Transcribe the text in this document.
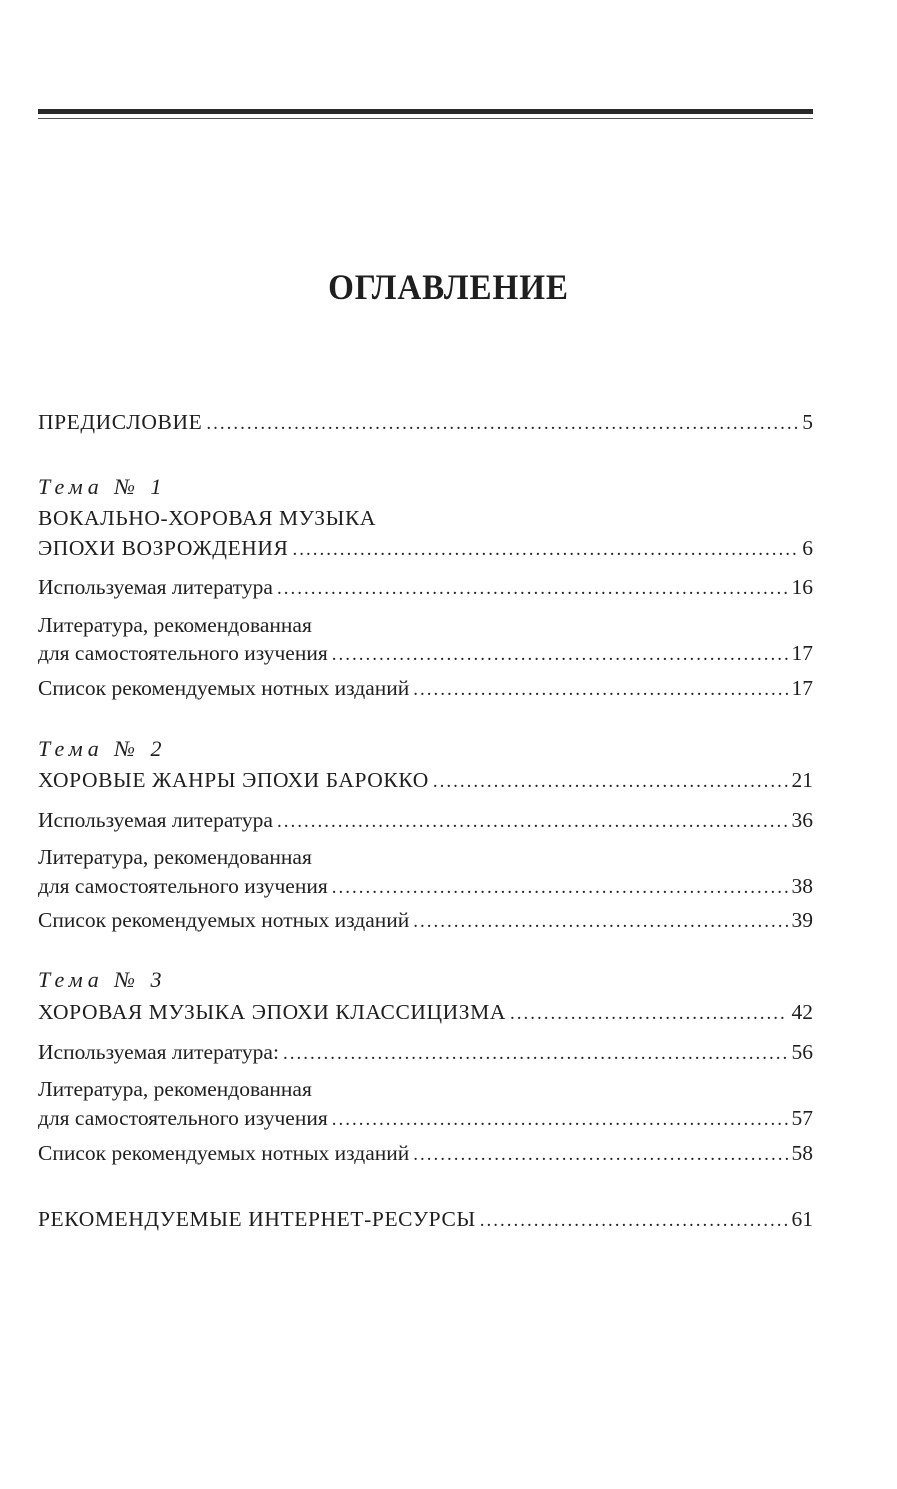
ОГЛАВЛЕНИЕ
ПРЕДИСЛОВИЕ .....	5
Тема № 1
ВОКАЛЬНО-ХОРОВАЯ МУЗЫКА
ЭПОХИ ВОЗРОЖДЕНИЯ .....	6
Используемая литература .....	16
Литература, рекомендованная
для самостоятельного изучения .....	17
Список рекомендуемых нотных изданий .....	17
Тема № 2
ХОРОВЫЕ ЖАНРЫ ЭПОХИ БАРОККО .....	21
Используемая литература .....	36
Литература, рекомендованная
для самостоятельного изучения .....	38
Список рекомендуемых нотных изданий .....	39
Тема № 3
ХОРОВАЯ МУЗЫКА ЭПОХИ КЛАССИЦИЗМА .....	42
Используемая литература: .....	56
Литература, рекомендованная
для самостоятельного изучения .....	57
Список рекомендуемых нотных изданий .....	58
РЕКОМЕНДУЕМЫЕ ИНТЕРНЕТ-РЕСУРСЫ .....	61
